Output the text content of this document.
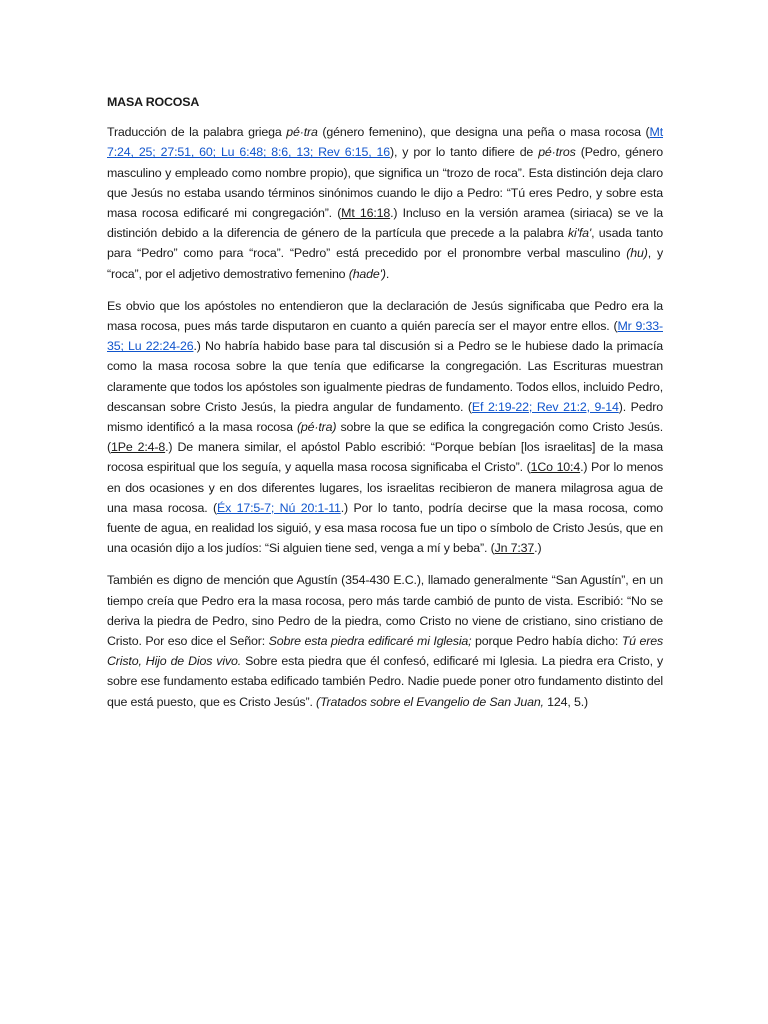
MASA ROCOSA

Traducción de la palabra griega pé·tra (género femenino), que designa una peña o masa rocosa (Mt 7:24, 25; 27:51, 60; Lu 6:48; 8:6, 13; Rev 6:15, 16), y por lo tanto difiere de pé·tros (Pedro, género masculino y empleado como nombre propio), que significa un “trozo de roca”. Esta distinción deja claro que Jesús no estaba usando términos sinónimos cuando le dijo a Pedro: “Tú eres Pedro, y sobre esta masa rocosa edificaré mi congregación”. (Mt 16:18.) Incluso en la versión aramea (siriaca) se ve la distinción debido a la diferencia de género de la partícula que precede a la palabra ki'fa', usada tanto para “Pedro” como para “roca”. “Pedro” está precedido por el pronombre verbal masculino (hu), y “roca”, por el adjetivo demostrativo femenino (hade').

Es obvio que los apóstoles no entendieron que la declaración de Jesús significaba que Pedro era la masa rocosa, pues más tarde disputaron en cuanto a quién parecía ser el mayor entre ellos. (Mr 9:33-35; Lu 22:24-26.) No habría habido base para tal discusión si a Pedro se le hubiese dado la primacía como la masa rocosa sobre la que tenía que edificarse la congregación. Las Escrituras muestran claramente que todos los apóstoles son igualmente piedras de fundamento. Todos ellos, incluido Pedro, descansan sobre Cristo Jesús, la piedra angular de fundamento. (Ef 2:19-22; Rev 21:2, 9-14). Pedro mismo identificó a la masa rocosa (pé·tra) sobre la que se edifica la congregación como Cristo Jesús. (1Pe 2:4-8.) De manera similar, el apóstol Pablo escribió: “Porque bebían [los israelitas] de la masa rocosa espiritual que los seguía, y aquella masa rocosa significaba el Cristo”. (1Co 10:4.) Por lo menos en dos ocasiones y en dos diferentes lugares, los israelitas recibieron de manera milagrosa agua de una masa rocosa. (Éx 17:5-7; Nú 20:1-11.) Por lo tanto, podría decirse que la masa rocosa, como fuente de agua, en realidad los siguió, y esa masa rocosa fue un tipo o símbolo de Cristo Jesús, que en una ocasión dijo a los judíos: “Si alguien tiene sed, venga a mí y beba”. (Jn 7:37.)

También es digno de mención que Agustín (354-430 E.C.), llamado generalmente “San Agustín”, en un tiempo creía que Pedro era la masa rocosa, pero más tarde cambió de punto de vista. Escribió: “No se deriva la piedra de Pedro, sino Pedro de la piedra, como Cristo no viene de cristiano, sino cristiano de Cristo. Por eso dice el Señor: Sobre esta piedra edificaré mi Iglesia; porque Pedro había dicho: Tú eres Cristo, Hijo de Dios vivo. Sobre esta piedra que él confesó, edificaré mi Iglesia. La piedra era Cristo, y sobre ese fundamento estaba edificado también Pedro. Nadie puede poner otro fundamento distinto del que está puesto, que es Cristo Jesús”. (Tratados sobre el Evangelio de San Juan, 124, 5.)
